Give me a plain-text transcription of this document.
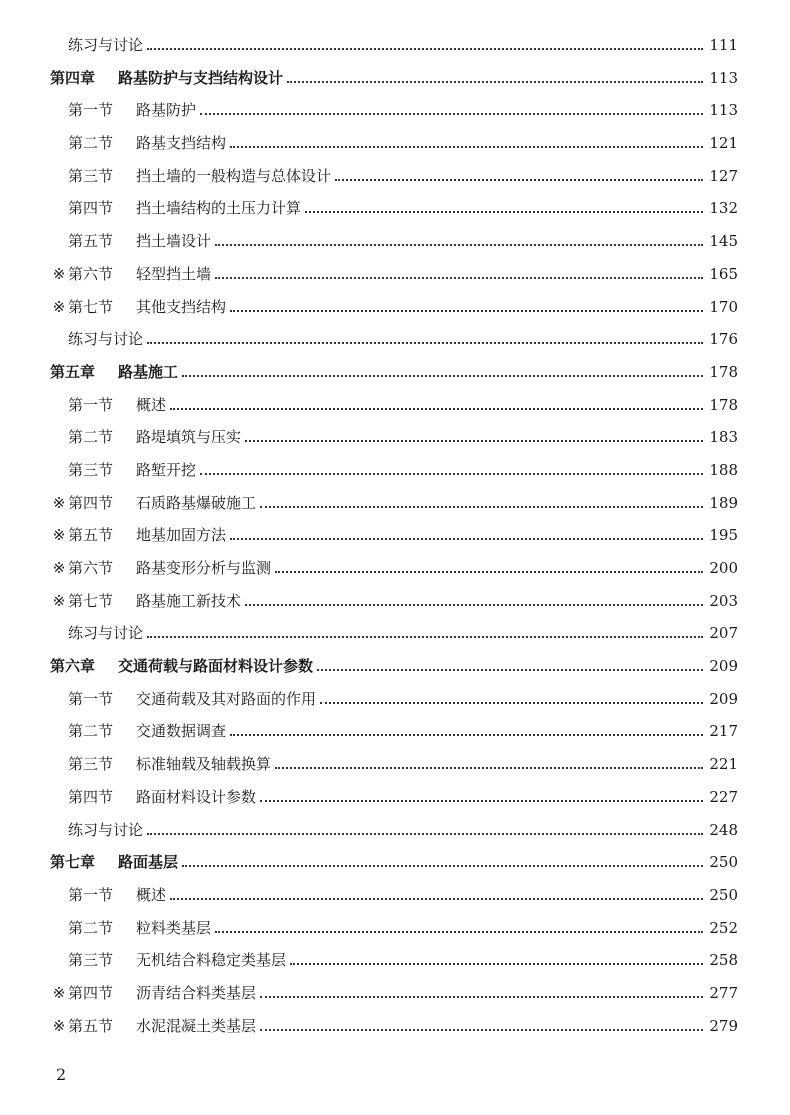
练习与讨论	111
第四章 路基防护与支挡结构设计	113
第一节 路基防护	113
第二节 路基支挡结构	121
第三节 挡土墙的一般构造与总体设计	127
第四节 挡土墙结构的土压力计算	132
第五节 挡土墙设计	145
※ 第六节 轻型挡土墙	165
※ 第七节 其他支挡结构	170
练习与讨论	176
第五章 路基施工	178
第一节 概述	178
第二节 路堤填筑与压实	183
第三节 路堑开挖	188
※ 第四节 石质路基爆破施工	189
※ 第五节 地基加固方法	195
※ 第六节 路基变形分析与监测	200
※ 第七节 路基施工新技术	203
练习与讨论	207
第六章 交通荷载与路面材料设计参数	209
第一节 交通荷载及其对路面的作用	209
第二节 交通数据调查	217
第三节 标准轴载及轴载换算	221
第四节 路面材料设计参数	227
练习与讨论	248
第七章 路面基层	250
第一节 概述	250
第二节 粒料类基层	252
第三节 无机结合料稳定类基层	258
※ 第四节 沥青结合料类基层	277
※ 第五节 水泥混凝土类基层	279
2
